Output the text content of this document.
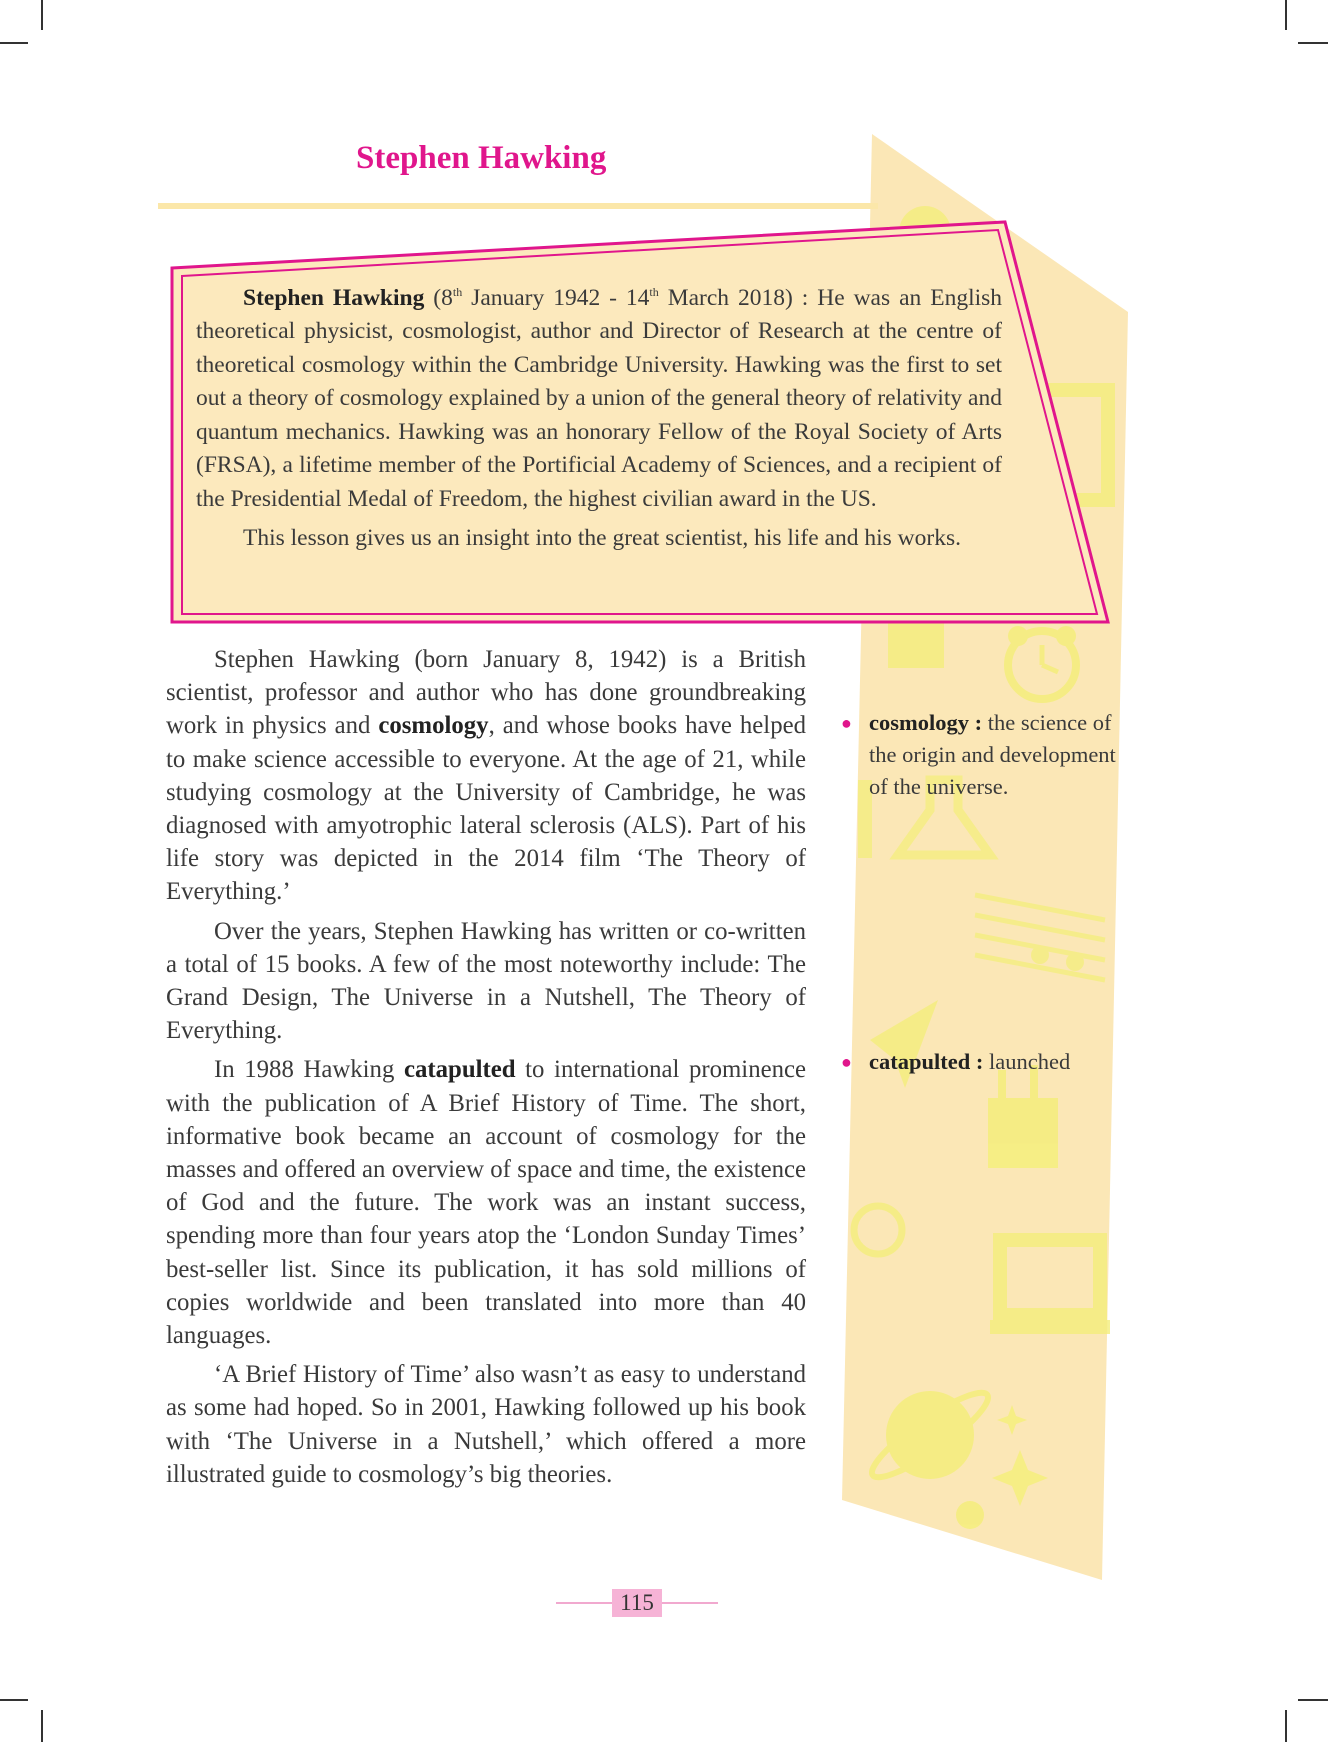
Stephen Hawking

Stephen Hawking (8th January 1942 - 14th March 2018) : He was an English theoretical physicist, cosmologist, author and Director of Research at the centre of theoretical cosmology within the Cambridge University. Hawking was the first to set out a theory of cosmology explained by a union of the general theory of relativity and quantum mechanics. Hawking was an honorary Fellow of the Royal Society of Arts (FRSA), a lifetime member of the Portificial Academy of Sciences, and a recipient of the Presidential Medal of Freedom, the highest civilian award in the US.

This lesson gives us an insight into the great scientist, his life and his works.

Stephen Hawking (born January 8, 1942) is a British scientist, professor and author who has done groundbreaking work in physics and cosmology, and whose books have helped to make science accessible to everyone. At the age of 21, while studying cosmology at the University of Cambridge, he was diagnosed with amyotrophic lateral sclerosis (ALS). Part of his life story was depicted in the 2014 film ‘The Theory of Everything.’

Over the years, Stephen Hawking has written or co-written a total of 15 books. A few of the most noteworthy include: The Grand Design, The Universe in a Nutshell, The Theory of Everything.

In 1988 Hawking catapulted to international prominence with the publication of A Brief History of Time. The short, informative book became an account of cosmology for the masses and offered an overview of space and time, the existence of God and the future. The work was an instant success, spending more than four years atop the ‘London Sunday Times’ best-seller list. Since its publication, it has sold millions of copies worldwide and been translated into more than 40 languages.

‘A Brief History of Time’ also wasn’t as easy to understand as some had hoped. So in 2001, Hawking followed up his book with ‘The Universe in a Nutshell,’ which offered a more illustrated guide to cosmology’s big theories.

● cosmology : the science of the origin and development of the universe.
● catapulted : launched
115
